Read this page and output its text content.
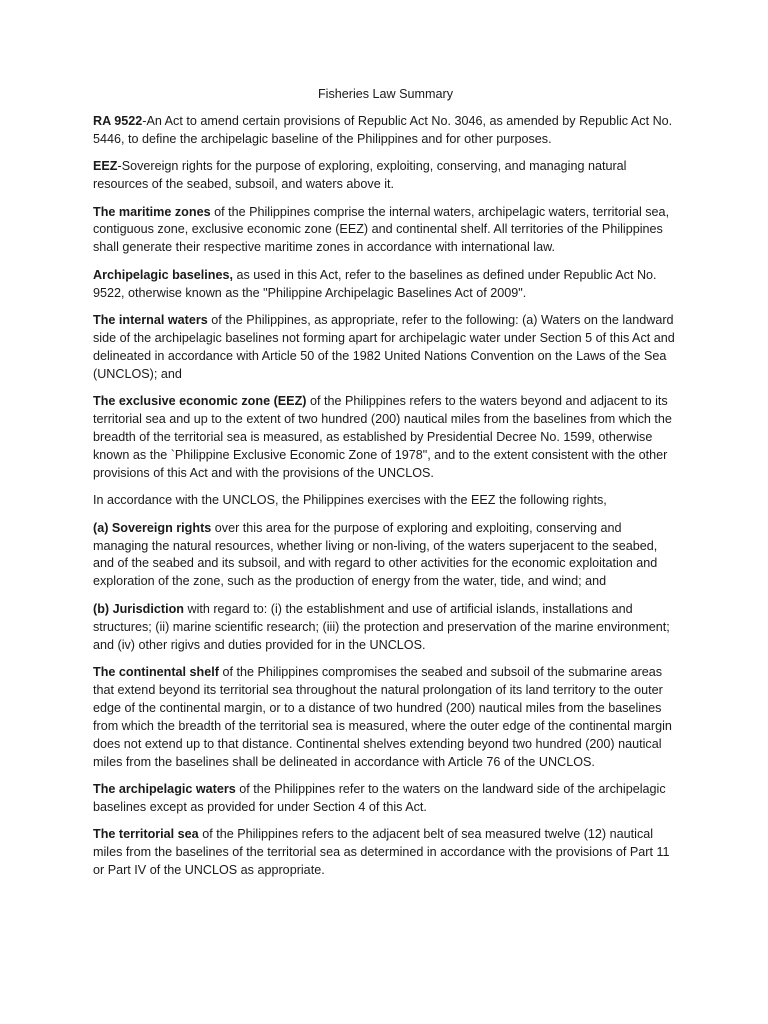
Fisheries Law Summary

RA 9522-An Act to amend certain provisions of Republic Act No. 3046, as amended by Republic Act No. 5446, to define the archipelagic baseline of the Philippines and for other purposes.

EEZ-Sovereign rights for the purpose of exploring, exploiting, conserving, and managing natural resources of the seabed, subsoil, and waters above it.

The maritime zones of the Philippines comprise the internal waters, archipelagic waters, territorial sea, contiguous zone, exclusive economic zone (EEZ) and continental shelf. All territories of the Philippines shall generate their respective maritime zones in accordance with international law.

Archipelagic baselines, as used in this Act, refer to the baselines as defined under Republic Act No. 9522, otherwise known as the "Philippine Archipelagic Baselines Act of 2009".

The internal waters of the Philippines, as appropriate, refer to the following: (a) Waters on the landward side of the archipelagic baselines not forming apart for archipelagic water under Section 5 of this Act and delineated in accordance with Article 50 of the 1982 United Nations Convention on the Laws of the Sea (UNCLOS); and

The exclusive economic zone (EEZ) of the Philippines refers to the waters beyond and adjacent to its territorial sea and up to the extent of two hundred (200) nautical miles from the baselines from which the breadth of the territorial sea is measured, as established by Presidential Decree No. 1599, otherwise known as the `Philippine Exclusive Economic Zone of 1978", and to the extent consistent with the other provisions of this Act and with the provisions of the UNCLOS.

In accordance with the UNCLOS, the Philippines exercises with the EEZ the following rights,

(a) Sovereign rights over this area for the purpose of exploring and exploiting, conserving and managing the natural resources, whether living or non-living, of the waters superjacent to the seabed, and of the seabed and its subsoil, and with regard to other activities for the economic exploitation and exploration of the zone, such as the production of energy from the water, tide, and wind; and

(b) Jurisdiction with regard to: (i) the establishment and use of artificial islands, installations and structures; (ii) marine scientific research; (iii) the protection and preservation of the marine environment; and (iv) other rigivs and duties provided for in the UNCLOS.

The continental shelf of the Philippines compromises the seabed and subsoil of the submarine areas that extend beyond its territorial sea throughout the natural prolongation of its land territory to the outer edge of the continental margin, or to a distance of two hundred (200) nautical miles from the baselines from which the breadth of the territorial sea is measured, where the outer edge of the continental margin does not extend up to that distance. Continental shelves extending beyond two hundred (200) nautical miles from the baselines shall be delineated in accordance with Article 76 of the UNCLOS.

The archipelagic waters of the Philippines refer to the waters on the landward side of the archipelagic baselines except as provided for under Section 4 of this Act.

The territorial sea of the Philippines refers to the adjacent belt of sea measured twelve (12) nautical miles from the baselines of the territorial sea as determined in accordance with the provisions of Part 11 or Part IV of the UNCLOS as appropriate.
